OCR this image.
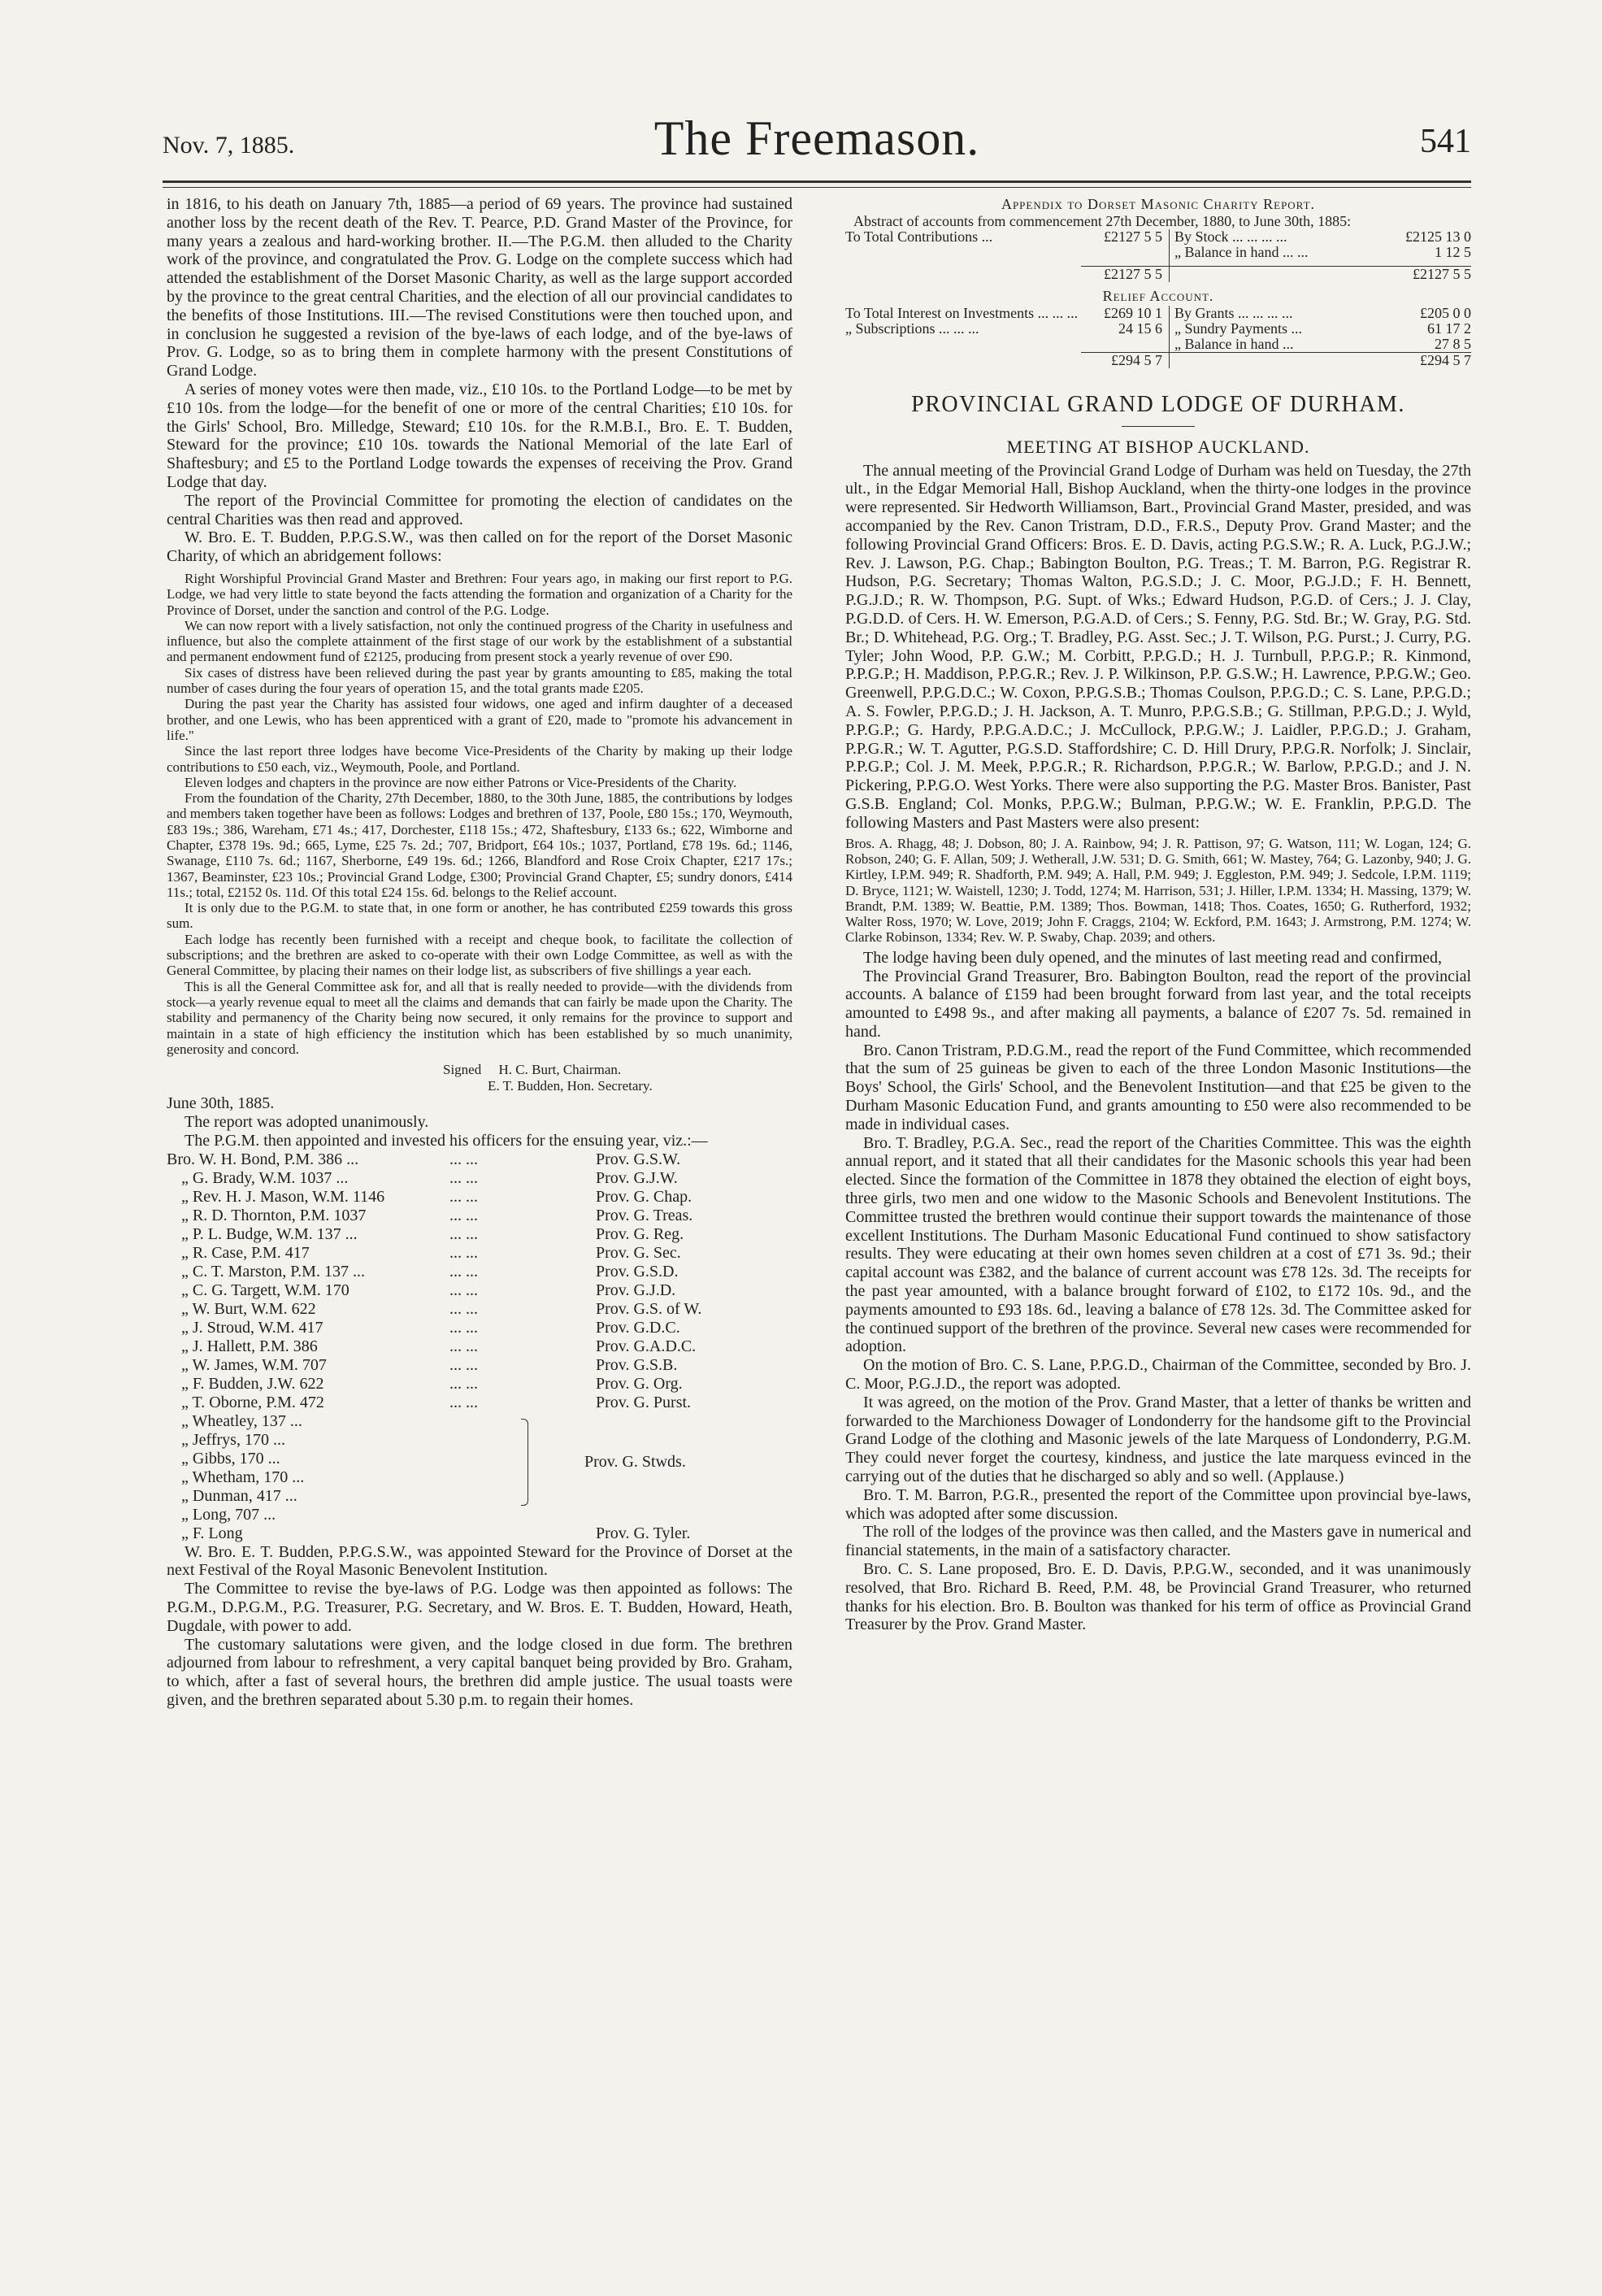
Nov. 7, 1885.	The Freemason.	541

in 1816, to his death on January 7th, 1885—a period of 69 years. The province had sustained another loss by the recent death of the Rev. T. Pearce, P.D. Grand Master of the Province, for many years a zealous and hard-working brother. II.—The P.G.M. then alluded to the Charity work of the province, and congratulated the Prov. G. Lodge on the complete success which had attended the establishment of the Dorset Masonic Charity, as well as the large support accorded by the province to the great central Charities, and the election of all our provincial candidates to the benefits of those Institutions. III.—The revised Constitutions were then touched upon, and in conclusion he suggested a revision of the bye-laws of each lodge, and of the bye-laws of Prov. G. Lodge, so as to bring them in complete harmony with the present Constitutions of Grand Lodge.

A series of money votes were then made, viz., £10 10s. to the Portland Lodge—to be met by £10 10s. from the lodge—for the benefit of one or more of the central Charities; £10 10s. for the Girls' School, Bro. Milledge, Steward; £10 10s. for the R.M.B.I., Bro. E. T. Budden, Steward for the province; £10 10s. towards the National Memorial of the late Earl of Shaftesbury; and £5 to the Portland Lodge towards the expenses of receiving the Prov. Grand Lodge that day.

The report of the Provincial Committee for promoting the election of candidates on the central Charities was then read and approved.

W. Bro. E. T. Budden, P.P.G.S.W., was then called on for the report of the Dorset Masonic Charity, of which an abridgement follows:

Right Worshipful Provincial Grand Master and Brethren: Four years ago, in making our first report to P.G. Lodge, we had very little to state beyond the facts attending the formation and organization of a Charity for the Province of Dorset, under the sanction and control of the P.G. Lodge.

We can now report with a lively satisfaction, not only the continued progress of the Charity in usefulness and influence, but also the complete attainment of the first stage of our work by the establishment of a substantial and permanent endowment fund of £2125, producing from present stock a yearly revenue of over £90.

Six cases of distress have been relieved during the past year by grants amounting to £85, making the total number of cases during the four years of operation 15, and the total grants made £205.

During the past year the Charity has assisted four widows, one aged and infirm daughter of a deceased brother, and one Lewis, who has been apprenticed with a grant of £20, made to "promote his advancement in life."

Since the last report three lodges have become Vice-Presidents of the Charity by making up their lodge contributions to £50 each, viz., Weymouth, Poole, and Portland.

Eleven lodges and chapters in the province are now either Patrons or Vice-Presidents of the Charity.

From the foundation of the Charity, 27th December, 1880, to the 30th June, 1885, the contributions by lodges and members taken together have been as follows: Lodges and brethren of 137, Poole, £80 15s.; 170, Weymouth, £83 19s.; 386, Wareham, £71 4s.; 417, Dorchester, £118 15s.; 472, Shaftesbury, £133 6s.; 622, Wimborne and Chapter, £378 19s. 9d.; 665, Lyme, £25 7s. 2d.; 707, Bridport, £64 10s.; 1037, Portland, £78 19s. 6d.; 1146, Swanage, £110 7s. 6d.; 1167, Sherborne, £49 19s. 6d.; 1266, Blandford and Rose Croix Chapter, £217 17s.; 1367, Beaminster, £23 10s.; Provincial Grand Lodge, £300; Provincial Grand Chapter, £5; sundry donors, £414 11s.; total, £2152 0s. 11d. Of this total £24 15s. 6d. belongs to the Relief account.

It is only due to the P.G.M. to state that, in one form or another, he has contributed £259 towards this gross sum.

Each lodge has recently been furnished with a receipt and cheque book, to facilitate the collection of subscriptions; and the brethren are asked to co-operate with their own Lodge Committee, as well as with the General Committee, by placing their names on their lodge list, as subscribers of five shillings a year each.

This is all the General Committee ask for, and all that is really needed to provide—with the dividends from stock—a yearly revenue equal to meet all the claims and demands that can fairly be made upon the Charity. The stability and permanency of the Charity being now secured, it only remains for the province to support and maintain in a state of high efficiency the institution which has been established by so much unanimity, generosity and concord.

Signed H. C. Burt, Chairman.
E. T. Budden, Hon. Secretary.

June 30th, 1885.

The report was adopted unanimously.

The P.G.M. then appointed and invested his officers for the ensuing year, viz.:—

Bro. W. H. Bond, P.M. 386 ...	... ...	Prov. G.S.W.
„ G. Brady, W.M. 1037 ...	... ...	Prov. G.J.W.
„ Rev. H. J. Mason, W.M. 1146	... ...	Prov. G. Chap.
„ R. D. Thornton, P.M. 1037	... ...	Prov. G. Treas.
„ P. L. Budge, W.M. 137 ...	... ...	Prov. G. Reg.
„ R. Case, P.M. 417	... ...	Prov. G. Sec.
„ C. T. Marston, P.M. 137 ...	... ...	Prov. G.S.D.
„ C. G. Targett, W.M. 170	... ...	Prov. G.J.D.
„ W. Burt, W.M. 622	... ...	Prov. G.S. of W.
„ J. Stroud, W.M. 417	... ...	Prov. G.D.C.
„ J. Hallett, P.M. 386	... ...	Prov. G.A.D.C.
„ W. James, W.M. 707	... ...	Prov. G.S.B.
„ F. Budden, J.W. 622	... ...	Prov. G. Org.
„ T. Oborne, P.M. 472	... ...	Prov. G. Purst.
„ Wheatley, 137 ...
„ Jeffrys, 170 ...
„ Gibbs, 170 ...
„ Whetham, 170 ...
„ Dunman, 417 ...
„ Long, 707 ...
Prov. G. Stwds.
„ F. Long		Prov. G. Tyler.

W. Bro. E. T. Budden, P.P.G.S.W., was appointed Steward for the Province of Dorset at the next Festival of the Royal Masonic Benevolent Institution.

The Committee to revise the bye-laws of P.G. Lodge was then appointed as follows: The P.G.M., D.P.G.M., P.G. Treasurer, P.G. Secretary, and W. Bros. E. T. Budden, Howard, Heath, Dugdale, with power to add.

The customary salutations were given, and the lodge closed in due form. The brethren adjourned from labour to refreshment, a very capital banquet being provided by Bro. Graham, to which, after a fast of several hours, the brethren did ample justice. The usual toasts were given, and the brethren separated about 5.30 p.m. to regain their homes.

Appendix to Dorset Masonic Charity Report.
Abstract of accounts from commencement 27th December, 1880, to June 30th, 1885:
To Total Contributions ...	£2127 5 5	By Stock ... ... ... ...	£2125 13 0
		„ Balance in hand ... ...	1 12 5

	£2127 5 5		£2127 5 5
Relief Account.
To Total Interest on Investments ... ... ...	£269 10 1	By Grants ... ... ... ...	£205 0 0
„ Subscriptions ... ... ...	24 15 6	„ Sundry Payments ...	61 17 2
		„ Balance in hand ...	27 8 5
	£294 5 7		£294 5 7
PROVINCIAL GRAND LODGE OF DURHAM.
MEETING AT BISHOP AUCKLAND.

The annual meeting of the Provincial Grand Lodge of Durham was held on Tuesday, the 27th ult., in the Edgar Memorial Hall, Bishop Auckland, when the thirty-one lodges in the province were represented. Sir Hedworth Williamson, Bart., Provincial Grand Master, presided, and was accompanied by the Rev. Canon Tristram, D.D., F.R.S., Deputy Prov. Grand Master; and the following Provincial Grand Officers: Bros. E. D. Davis, acting P.G.S.W.; R. A. Luck, P.G.J.W.; Rev. J. Lawson, P.G. Chap.; Babington Boulton, P.G. Treas.; T. M. Barron, P.G. Registrar R. Hudson, P.G. Secretary; Thomas Walton, P.G.S.D.; J. C. Moor, P.G.J.D.; F. H. Bennett, P.G.J.D.; R. W. Thompson, P.G. Supt. of Wks.; Edward Hudson, P.G.D. of Cers.; J. J. Clay, P.G.D.D. of Cers. H. W. Emerson, P.G.A.D. of Cers.; S. Fenny, P.G. Std. Br.; W. Gray, P.G. Std. Br.; D. Whitehead, P.G. Org.; T. Bradley, P.G. Asst. Sec.; J. T. Wilson, P.G. Purst.; J. Curry, P.G. Tyler; John Wood, P.P. G.W.; M. Corbitt, P.P.G.D.; H. J. Turnbull, P.P.G.P.; R. Kinmond, P.P.G.P.; H. Maddison, P.P.G.R.; Rev. J. P. Wilkinson, P.P. G.S.W.; H. Lawrence, P.P.G.W.; Geo. Greenwell, P.P.G.D.C.; W. Coxon, P.P.G.S.B.; Thomas Coulson, P.P.G.D.; C. S. Lane, P.P.G.D.; A. S. Fowler, P.P.G.D.; J. H. Jackson, A. T. Munro, P.P.G.S.B.; G. Stillman, P.P.G.D.; J. Wyld, P.P.G.P.; G. Hardy, P.P.G.A.D.C.; J. McCullock, P.P.G.W.; J. Laidler, P.P.G.D.; J. Graham, P.P.G.R.; W. T. Agutter, P.G.S.D. Staffordshire; C. D. Hill Drury, P.P.G.R. Norfolk; J. Sinclair, P.P.G.P.; Col. J. M. Meek, P.P.G.R.; R. Richardson, P.P.G.R.; W. Barlow, P.P.G.D.; and J. N. Pickering, P.P.G.O. West Yorks. There were also supporting the P.G. Master Bros. Banister, Past G.S.B. England; Col. Monks, P.P.G.W.; Bulman, P.P.G.W.; W. E. Franklin, P.P.G.D. The following Masters and Past Masters were also present:

Bros. A. Rhagg, 48; J. Dobson, 80; J. A. Rainbow, 94; J. R. Pattison, 97; G. Watson, 111; W. Logan, 124; G. Robson, 240; G. F. Allan, 509; J. Wetherall, J.W. 531; D. G. Smith, 661; W. Mastey, 764; G. Lazonby, 940; J. G. Kirtley, I.P.M. 949; R. Shadforth, P.M. 949; A. Hall, P.M. 949; J. Eggleston, P.M. 949; J. Sedcole, I.P.M. 1119; D. Bryce, 1121; W. Waistell, 1230; J. Todd, 1274; M. Harrison, 531; J. Hiller, I.P.M. 1334; H. Massing, 1379; W. Brandt, P.M. 1389; W. Beattie, P.M. 1389; Thos. Bowman, 1418; Thos. Coates, 1650; G. Rutherford, 1932; Walter Ross, 1970; W. Love, 2019; John F. Craggs, 2104; W. Eckford, P.M. 1643; J. Armstrong, P.M. 1274; W. Clarke Robinson, 1334; Rev. W. P. Swaby, Chap. 2039; and others.

The lodge having been duly opened, and the minutes of last meeting read and confirmed,

The Provincial Grand Treasurer, Bro. Babington Boulton, read the report of the provincial accounts. A balance of £159 had been brought forward from last year, and the total receipts amounted to £498 9s., and after making all payments, a balance of £207 7s. 5d. remained in hand.

Bro. Canon Tristram, P.D.G.M., read the report of the Fund Committee, which recommended that the sum of 25 guineas be given to each of the three London Masonic Institutions—the Boys' School, the Girls' School, and the Benevolent Institution—and that £25 be given to the Durham Masonic Education Fund, and grants amounting to £50 were also recommended to be made in individual cases.

Bro. T. Bradley, P.G.A. Sec., read the report of the Charities Committee. This was the eighth annual report, and it stated that all their candidates for the Masonic schools this year had been elected. Since the formation of the Committee in 1878 they obtained the election of eight boys, three girls, two men and one widow to the Masonic Schools and Benevolent Institutions. The Committee trusted the brethren would continue their support towards the maintenance of those excellent Institutions. The Durham Masonic Educational Fund continued to show satisfactory results. They were educating at their own homes seven children at a cost of £71 3s. 9d.; their capital account was £382, and the balance of current account was £78 12s. 3d. The receipts for the past year amounted, with a balance brought forward of £102, to £172 10s. 9d., and the payments amounted to £93 18s. 6d., leaving a balance of £78 12s. 3d. The Committee asked for the continued support of the brethren of the province. Several new cases were recommended for adoption.

On the motion of Bro. C. S. Lane, P.P.G.D., Chairman of the Committee, seconded by Bro. J. C. Moor, P.G.J.D., the report was adopted.

It was agreed, on the motion of the Prov. Grand Master, that a letter of thanks be written and forwarded to the Marchioness Dowager of Londonderry for the handsome gift to the Provincial Grand Lodge of the clothing and Masonic jewels of the late Marquess of Londonderry, P.G.M. They could never forget the courtesy, kindness, and justice the late marquess evinced in the carrying out of the duties that he discharged so ably and so well. (Applause.)

Bro. T. M. Barron, P.G.R., presented the report of the Committee upon provincial bye-laws, which was adopted after some discussion.

The roll of the lodges of the province was then called, and the Masters gave in numerical and financial statements, in the main of a satisfactory character.

Bro. C. S. Lane proposed, Bro. E. D. Davis, P.P.G.W., seconded, and it was unanimously resolved, that Bro. Richard B. Reed, P.M. 48, be Provincial Grand Treasurer, who returned thanks for his election. Bro. B. Boulton was thanked for his term of office as Provincial Grand Treasurer by the Prov. Grand Master.
